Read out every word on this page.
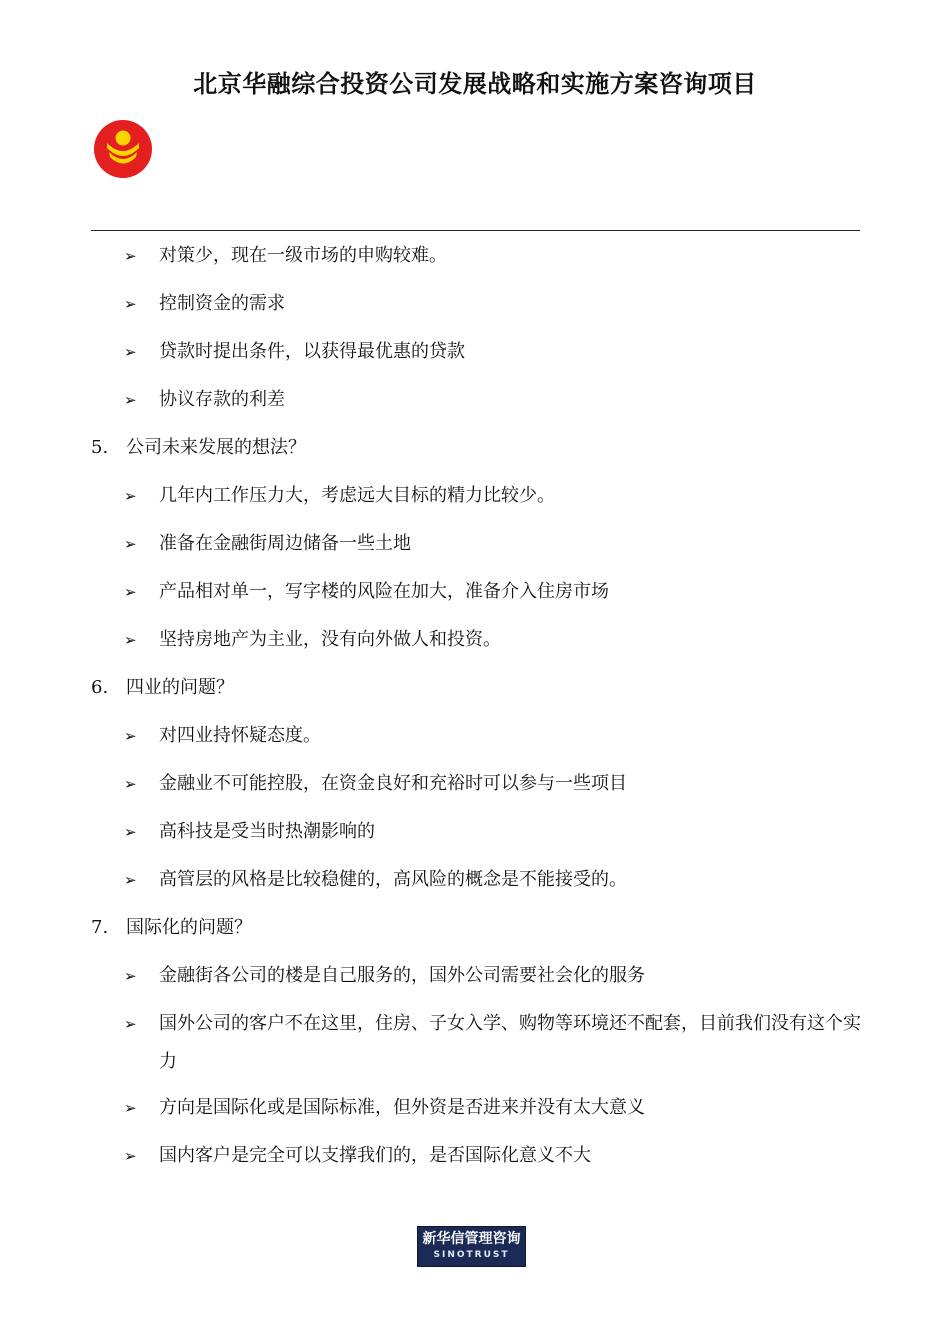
北京华融综合投资公司发展战略和实施方案咨询项目
➢ 对策少，现在一级市场的申购较难。
➢ 控制资金的需求
➢ 贷款时提出条件，以获得最优惠的贷款
➢ 协议存款的利差
5. 公司未来发展的想法？
➢ 几年内工作压力大，考虑远大目标的精力比较少。
➢ 准备在金融街周边储备一些土地
➢ 产品相对单一，写字楼的风险在加大，准备介入住房市场
➢ 坚持房地产为主业，没有向外做人和投资。
6. 四业的问题？
➢ 对四业持怀疑态度。
➢ 金融业不可能控股，在资金良好和充裕时可以参与一些项目
➢ 高科技是受当时热潮影响的
➢ 高管层的风格是比较稳健的，高风险的概念是不能接受的。
7. 国际化的问题？
➢ 金融街各公司的楼是自己服务的，国外公司需要社会化的服务
➢ 国外公司的客户不在这里，住房、子女入学、购物等环境还不配套，目前我们没有这个实力
➢ 方向是国际化或是国际标准，但外资是否进来并没有太大意义
➢ 国内客户是完全可以支撑我们的，是否国际化意义不大
新华信管理咨询
SINOTRUST
